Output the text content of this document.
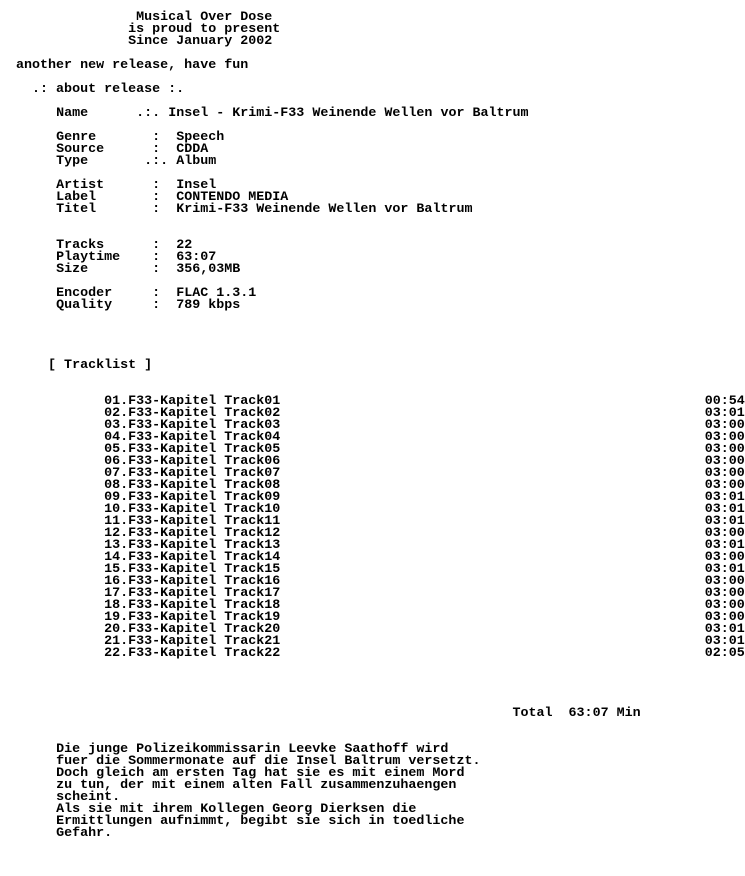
Musical Over Dose
is proud to present
Since January 2002

another new release, have fun

.: about release :.

Name	.:. Insel - Krimi-F33 Weinende Wellen vor Baltrum

Genre	: Speech
Source	: CDDA
Type	.:. Album

Artist	: Insel
Label	: CONTENDO MEDIA
Titel	: Krimi-F33 Weinende Wellen vor Baltrum

Tracks	: 22
Playtime : 63:07
Size	: 356,03MB

Encoder	: FLAC 1.3.1
Quality	: 789 kbps

[ Tracklist ]

01.F33-Kapitel Track01	00:54
02.F33-Kapitel Track02	03:01
03.F33-Kapitel Track03	03:00
04.F33-Kapitel Track04	03:00
05.F33-Kapitel Track05	03:00
06.F33-Kapitel Track06	03:00
07.F33-Kapitel Track07	03:00
08.F33-Kapitel Track08	03:00
09.F33-Kapitel Track09	03:01
10.F33-Kapitel Track10	03:01
11.F33-Kapitel Track11	03:01
12.F33-Kapitel Track12	03:00
13.F33-Kapitel Track13	03:01
14.F33-Kapitel Track14	03:00
15.F33-Kapitel Track15	03:01
16.F33-Kapitel Track16	03:00
17.F33-Kapitel Track17	03:00
18.F33-Kapitel Track18	03:00
19.F33-Kapitel Track19	03:00
20.F33-Kapitel Track20	03:01
21.F33-Kapitel Track21	03:01
22.F33-Kapitel Track22	02:05

Total 63:07 Min

Die junge Polizeikommissarin Leevke Saathoff wird
fuer die Sommermonate auf die Insel Baltrum versetzt.
Doch gleich am ersten Tag hat sie es mit einem Mord
zu tun, der mit einem alten Fall zusammenzuhaengen
scheint.
Als sie mit ihrem Kollegen Georg Dierksen die
Ermittlungen aufnimmt, begibt sie sich in toedliche
Gefahr.
